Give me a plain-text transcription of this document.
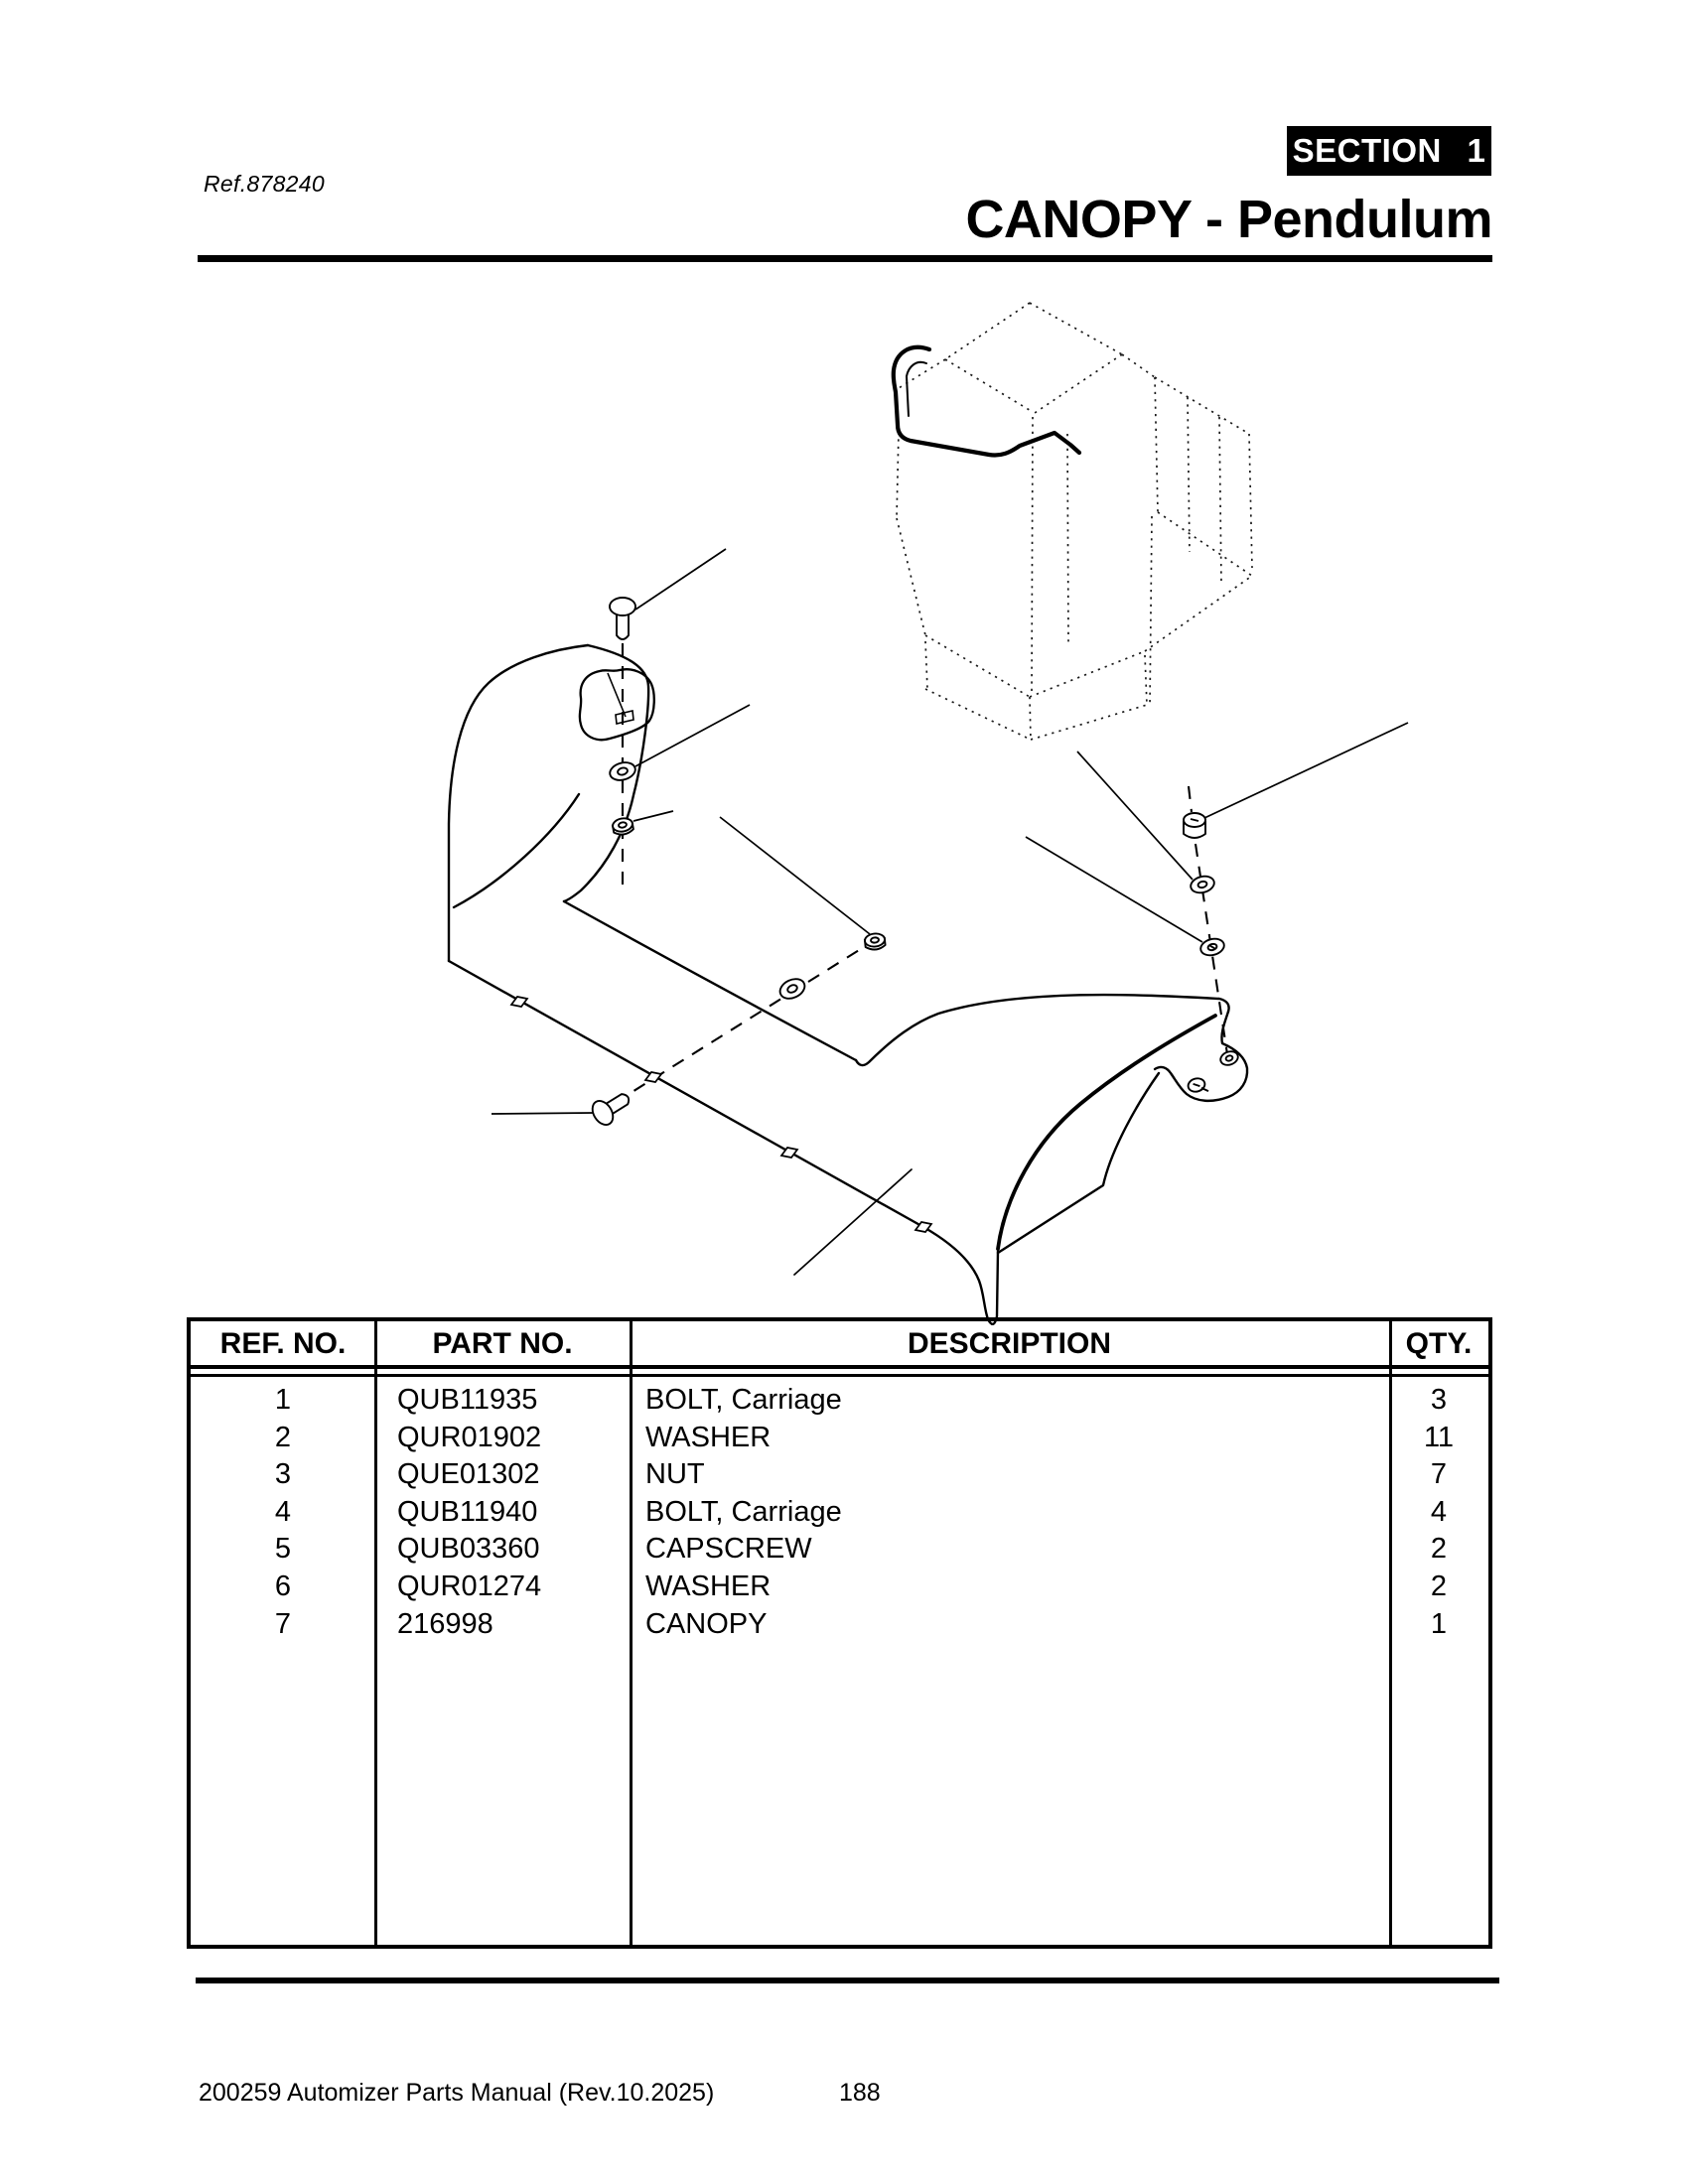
Ref.878240
SECTION 1
CANOPY - Pendulum
REF. NO.	PART NO.	DESCRIPTION	QTY.
1	QUB11935	BOLT, Carriage	3
2	QUR01902	WASHER	11
3	QUE01302	NUT	7
4	QUB11940	BOLT, Carriage	4
5	QUB03360	CAPSCREW	2
6	QUR01274	WASHER	2
7	216998	CANOPY	1
200259 Automizer Parts Manual (Rev.10.2025)	188
